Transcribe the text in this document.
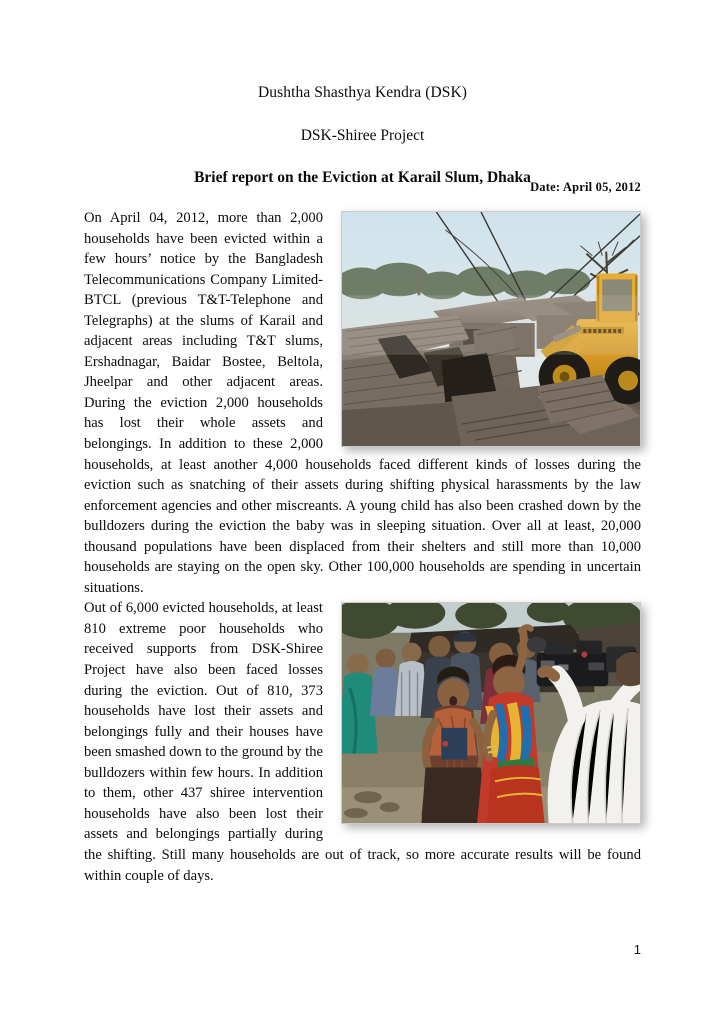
Dushtha Shasthya Kendra (DSK)
DSK-Shiree Project
Brief report on the Eviction at Karail Slum, Dhaka
Date: April 05, 2012

On April 04, 2012, more than 2,000 households have been evicted within a few hours’ notice by the Bangladesh Telecommunications Company Limited- BTCL (previous T&T-Telephone and Telegraphs) at the slums of Karail and adjacent areas including T&T slums, Ershadnagar, Baidar Bostee, Beltola, Jheelpar and other adjacent areas. During the eviction 2,000 households has lost their whole assets and belongings. In addition to these 2,000 households, at least another 4,000 households faced different kinds of losses during the eviction such as snatching of their assets during shifting physical harassments by the law enforcement agencies and other miscreants. A young child has also been crashed down by the bulldozers during the eviction the baby was in sleeping situation. Over all at least, 20,000 thousand populations have been displaced from their shelters and still more than 10,000 households are staying on the open sky. Other 100,000 households are spending in uncertain situations.

Out of 6,000 evicted households, at least 810 extreme poor households who received supports from DSK-Shiree Project have also been faced losses during the eviction. Out of 810, 373 households have lost their assets and belongings fully and their houses have been smashed down to the ground by the bulldozers within few hours. In addition to them, other 437 shiree intervention households have also been lost their assets and belongings partially during the shifting. Still many households are out of track, so more accurate results will be found within couple of days.

1
